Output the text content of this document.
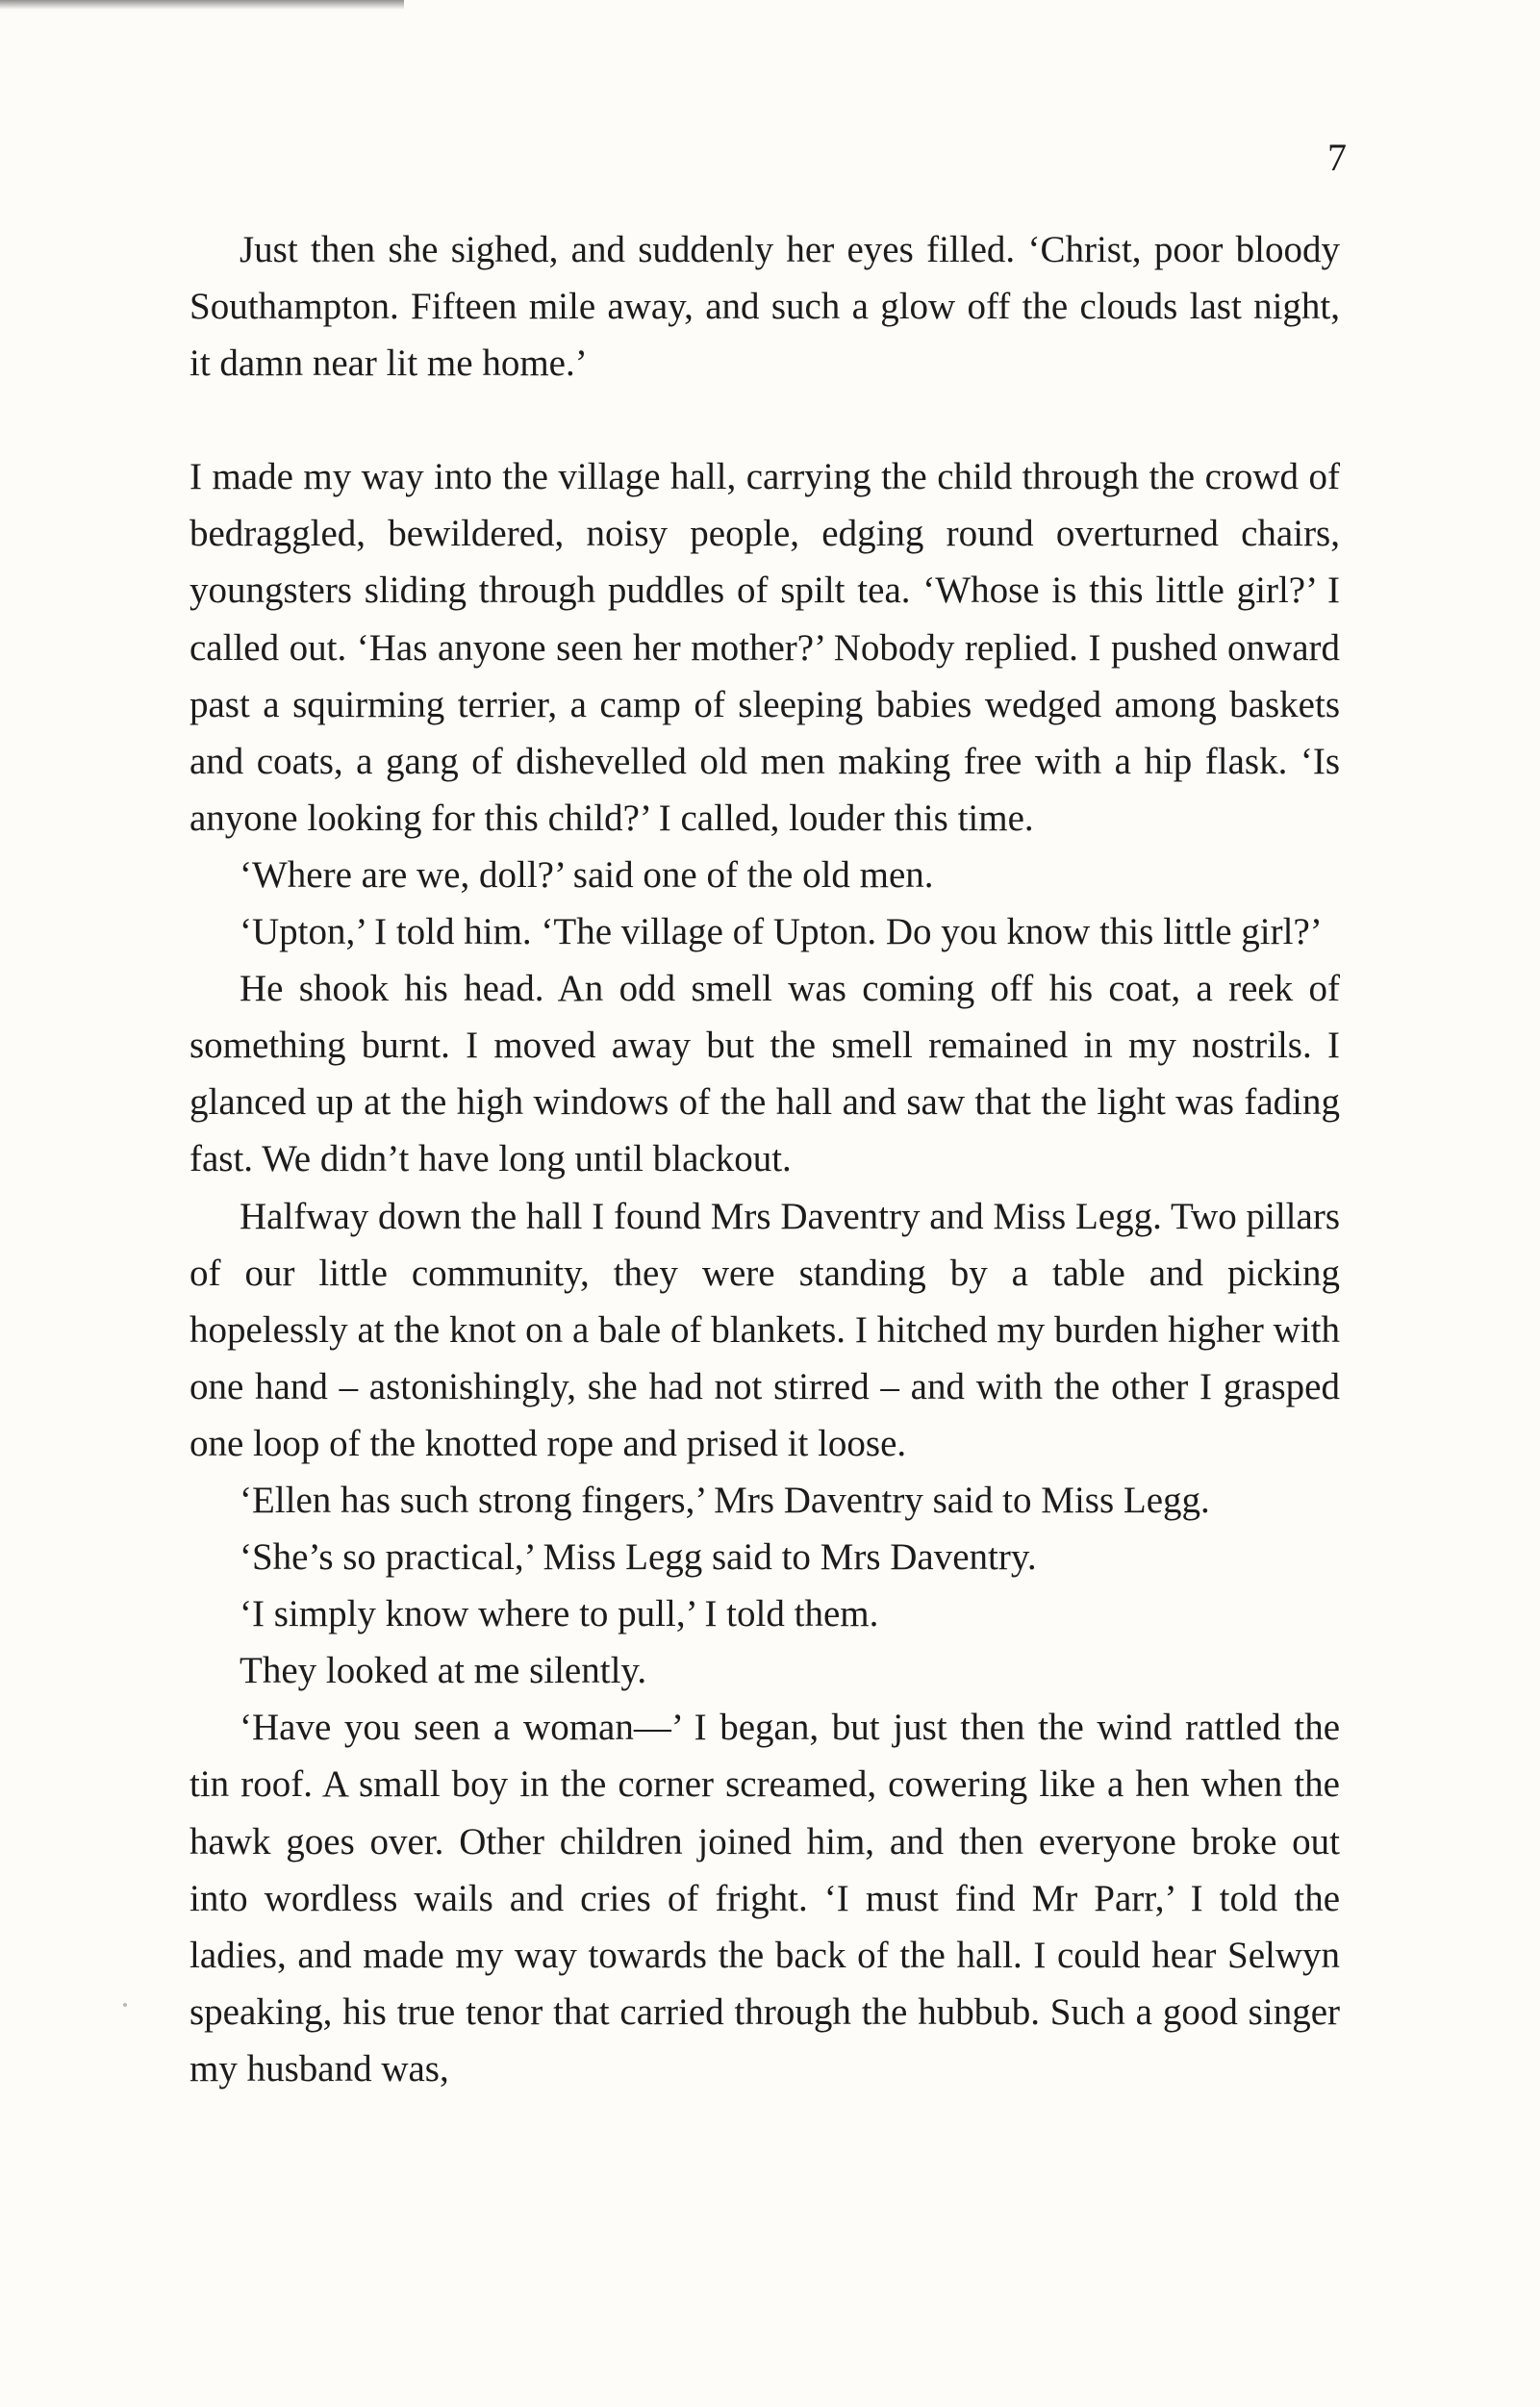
7

Just then she sighed, and suddenly her eyes filled. ‘Christ, poor bloody Southampton. Fifteen mile away, and such a glow off the clouds last night, it damn near lit me home.’

I made my way into the village hall, carrying the child through the crowd of bedraggled, bewildered, noisy people, edging round overturned chairs, youngsters sliding through puddles of spilt tea. ‘Whose is this little girl?’ I called out. ‘Has anyone seen her mother?’ Nobody replied. I pushed onward past a squirming terrier, a camp of sleeping babies wedged among baskets and coats, a gang of dishevelled old men making free with a hip flask. ‘Is anyone looking for this child?’ I called, louder this time.

‘Where are we, doll?’ said one of the old men.

‘Upton,’ I told him. ‘The village of Upton. Do you know this little girl?’

He shook his head. An odd smell was coming off his coat, a reek of something burnt. I moved away but the smell remained in my nostrils. I glanced up at the high windows of the hall and saw that the light was fading fast. We didn’t have long until blackout.

Halfway down the hall I found Mrs Daventry and Miss Legg. Two pillars of our little community, they were standing by a table and picking hopelessly at the knot on a bale of blankets. I hitched my burden higher with one hand – astonishingly, she had not stirred – and with the other I grasped one loop of the knotted rope and prised it loose.

‘Ellen has such strong fingers,’ Mrs Daventry said to Miss Legg.

‘She’s so practical,’ Miss Legg said to Mrs Daventry.

‘I simply know where to pull,’ I told them.

They looked at me silently.

‘Have you seen a woman—’ I began, but just then the wind rattled the tin roof. A small boy in the corner screamed, cowering like a hen when the hawk goes over. Other children joined him, and then everyone broke out into wordless wails and cries of fright. ‘I must find Mr Parr,’ I told the ladies, and made my way towards the back of the hall. I could hear Selwyn speaking, his true tenor that carried through the hubbub. Such a good singer my husband was,
